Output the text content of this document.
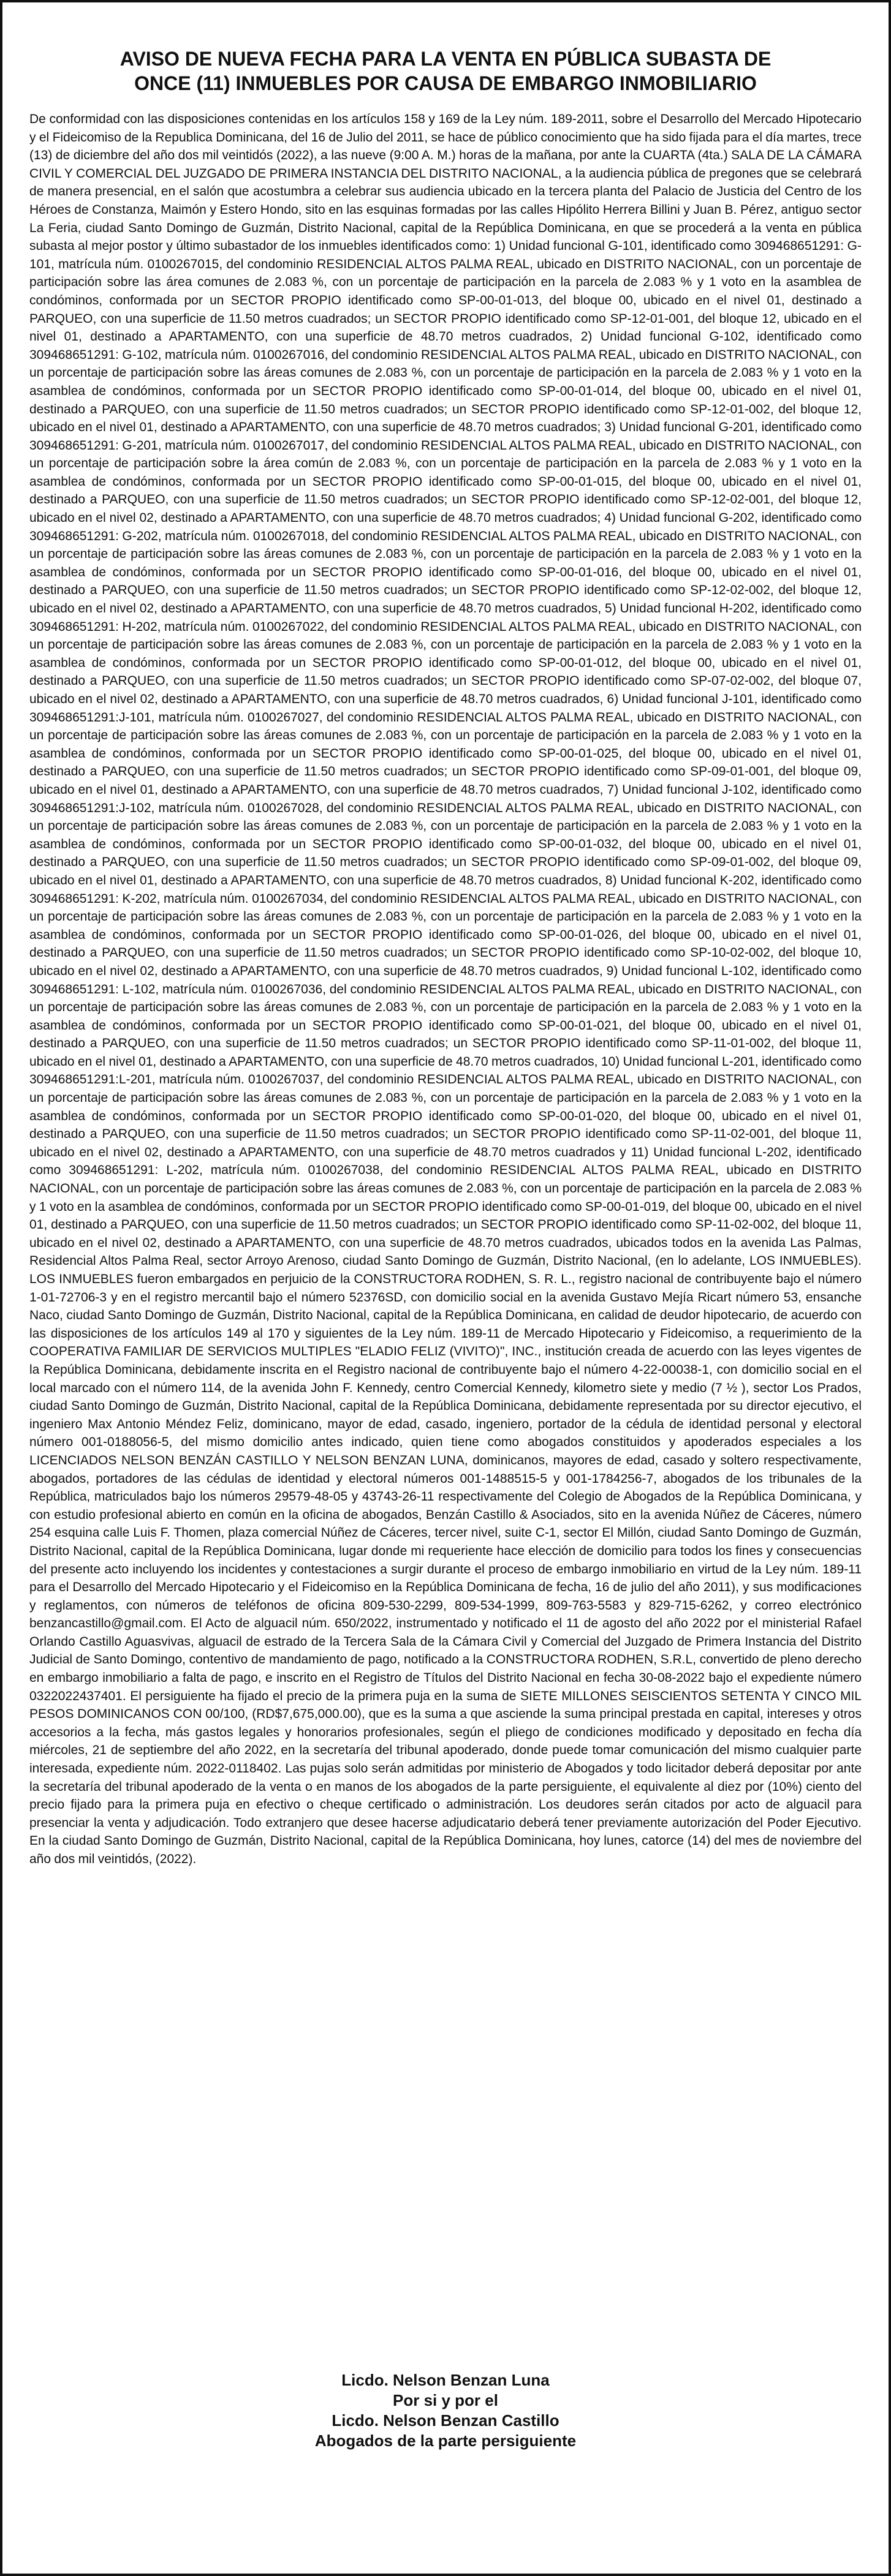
AVISO DE NUEVA FECHA PARA LA VENTA EN PÚBLICA SUBASTA DE
ONCE (11) INMUEBLES POR CAUSA DE EMBARGO INMOBILIARIO
De conformidad con las disposiciones contenidas en los artículos 158 y 169 de la Ley núm. 189-2011, sobre el Desarrollo del Mercado Hipotecario y el Fideicomiso de la Republica Dominicana, del 16 de Julio del 2011, se hace de público conocimiento que ha sido fijada para el día martes, trece (13) de diciembre del año dos mil veintidós (2022), a las nueve (9:00 A. M.) horas de la mañana, por ante la CUARTA (4ta.) SALA DE LA CÁMARA CIVIL Y COMERCIAL DEL JUZGADO DE PRIMERA INSTANCIA DEL DISTRITO NACIONAL, a la audiencia pública de pregones que se celebrará de manera presencial, en el salón que acostumbra a celebrar sus audiencia ubicado en la tercera planta del Palacio de Justicia del Centro de los Héroes de Constanza, Maimón y Estero Hondo, sito en las esquinas formadas por las calles Hipólito Herrera Billini y Juan B. Pérez, antiguo sector La Feria, ciudad Santo Domingo de Guzmán, Distrito Nacional, capital de la República Dominicana, en que se procederá a la venta en pública subasta al mejor postor y último subastador de los inmuebles identificados como: 1) Unidad funcional G-101, identificado como 309468651291: G-101, matrícula núm. 0100267015, del condominio RESIDENCIAL ALTOS PALMA REAL, ubicado en DISTRITO NACIONAL, con un porcentaje de participación sobre las área comunes de 2.083 %, con un porcentaje de participación en la parcela de 2.083 % y 1 voto en la asamblea de condóminos, conformada por un SECTOR PROPIO identificado como SP-00-01-013, del bloque 00, ubicado en el nivel 01, destinado a PARQUEO, con una superficie de 11.50 metros cuadrados; un SECTOR PROPIO identificado como SP-12-01-001, del bloque 12, ubicado en el nivel 01, destinado a APARTAMENTO, con una superficie de 48.70 metros cuadrados, 2) Unidad funcional G-102, identificado como 309468651291: G-102, matrícula núm. 0100267016, del condominio RESIDENCIAL ALTOS PALMA REAL, ubicado en DISTRITO NACIONAL, con un porcentaje de participación sobre las áreas comunes de 2.083 %, con un porcentaje de participación en la parcela de 2.083 % y 1 voto en la asamblea de condóminos, conformada por un SECTOR PROPIO identificado como SP-00-01-014, del bloque 00, ubicado en el nivel 01, destinado a PARQUEO, con una superficie de 11.50 metros cuadrados; un SECTOR PROPIO identificado como SP-12-01-002, del bloque 12, ubicado en el nivel 01, destinado a APARTAMENTO, con una superficie de 48.70 metros cuadrados; 3) Unidad funcional G-201, identificado como 309468651291: G-201, matrícula núm. 0100267017, del condominio RESIDENCIAL ALTOS PALMA REAL, ubicado en DISTRITO NACIONAL, con un porcentaje de participación sobre la área común de 2.083 %, con un porcentaje de participación en la parcela de 2.083 % y 1 voto en la asamblea de condóminos, conformada por un SECTOR PROPIO identificado como SP-00-01-015, del bloque 00, ubicado en el nivel 01, destinado a PARQUEO, con una superficie de 11.50 metros cuadrados; un SECTOR PROPIO identificado como SP-12-02-001, del bloque 12, ubicado en el nivel 02, destinado a APARTAMENTO, con una superficie de 48.70 metros cuadrados; 4) Unidad funcional G-202, identificado como 309468651291: G-202, matrícula núm. 0100267018, del condominio RESIDENCIAL ALTOS PALMA REAL, ubicado en DISTRITO NACIONAL, con un porcentaje de participación sobre las áreas comunes de 2.083 %, con un porcentaje de participación en la parcela de 2.083 % y 1 voto en la asamblea de condóminos, conformada por un SECTOR PROPIO identificado como SP-00-01-016, del bloque 00, ubicado en el nivel 01, destinado a PARQUEO, con una superficie de 11.50 metros cuadrados; un SECTOR PROPIO identificado como SP-12-02-002, del bloque 12, ubicado en el nivel 02, destinado a APARTAMENTO, con una superficie de 48.70 metros cuadrados, 5) Unidad funcional H-202, identificado como 309468651291: H-202, matrícula núm. 0100267022, del condominio RESIDENCIAL ALTOS PALMA REAL, ubicado en DISTRITO NACIONAL, con un porcentaje de participación sobre las áreas comunes de 2.083 %, con un porcentaje de participación en la parcela de 2.083 % y 1 voto en la asamblea de condóminos, conformada por un SECTOR PROPIO identificado como SP-00-01-012, del bloque 00, ubicado en el nivel 01, destinado a PARQUEO, con una superficie de 11.50 metros cuadrados; un SECTOR PROPIO identificado como SP-07-02-002, del bloque 07, ubicado en el nivel 02, destinado a APARTAMENTO, con una superficie de 48.70 metros cuadrados, 6) Unidad funcional J-101, identificado como 309468651291:J-101, matrícula núm. 0100267027, del condominio RESIDENCIAL ALTOS PALMA REAL, ubicado en DISTRITO NACIONAL, con un porcentaje de participación sobre las áreas comunes de 2.083 %, con un porcentaje de participación en la parcela de 2.083 % y 1 voto en la asamblea de condóminos, conformada por un SECTOR PROPIO identificado como SP-00-01-025, del bloque 00, ubicado en el nivel 01, destinado a PARQUEO, con una superficie de 11.50 metros cuadrados; un SECTOR PROPIO identificado como SP-09-01-001, del bloque 09, ubicado en el nivel 01, destinado a APARTAMENTO, con una superficie de 48.70 metros cuadrados, 7) Unidad funcional J-102, identificado como 309468651291:J-102, matrícula núm. 0100267028, del condominio RESIDENCIAL ALTOS PALMA REAL, ubicado en DISTRITO NACIONAL, con un porcentaje de participación sobre las áreas comunes de 2.083 %, con un porcentaje de participación en la parcela de 2.083 % y 1 voto en la asamblea de condóminos, conformada por un SECTOR PROPIO identificado como SP-00-01-032, del bloque 00, ubicado en el nivel 01, destinado a PARQUEO, con una superficie de 11.50 metros cuadrados; un SECTOR PROPIO identificado como SP-09-01-002, del bloque 09, ubicado en el nivel 01, destinado a APARTAMENTO, con una superficie de 48.70 metros cuadrados, 8) Unidad funcional K-202, identificado como 309468651291: K-202, matrícula núm. 0100267034, del condominio RESIDENCIAL ALTOS PALMA REAL, ubicado en DISTRITO NACIONAL, con un porcentaje de participación sobre las áreas comunes de 2.083 %, con un porcentaje de participación en la parcela de 2.083 % y 1 voto en la asamblea de condóminos, conformada por un SECTOR PROPIO identificado como SP-00-01-026, del bloque 00, ubicado en el nivel 01, destinado a PARQUEO, con una superficie de 11.50 metros cuadrados; un SECTOR PROPIO identificado como SP-10-02-002, del bloque 10, ubicado en el nivel 02, destinado a APARTAMENTO, con una superficie de 48.70 metros cuadrados, 9) Unidad funcional L-102, identificado como 309468651291: L-102, matrícula núm. 0100267036, del condominio RESIDENCIAL ALTOS PALMA REAL, ubicado en DISTRITO NACIONAL, con un porcentaje de participación sobre las áreas comunes de 2.083 %, con un porcentaje de participación en la parcela de 2.083 % y 1 voto en la asamblea de condóminos, conformada por un SECTOR PROPIO identificado como SP-00-01-021, del bloque 00, ubicado en el nivel 01, destinado a PARQUEO, con una superficie de 11.50 metros cuadrados; un SECTOR PROPIO identificado como SP-11-01-002, del bloque 11, ubicado en el nivel 01, destinado a APARTAMENTO, con una superficie de 48.70 metros cuadrados, 10) Unidad funcional L-201, identificado como 309468651291:L-201, matrícula núm. 0100267037, del condominio RESIDENCIAL ALTOS PALMA REAL, ubicado en DISTRITO NACIONAL, con un porcentaje de participación sobre las áreas comunes de 2.083 %, con un porcentaje de participación en la parcela de 2.083 % y 1 voto en la asamblea de condóminos, conformada por un SECTOR PROPIO identificado como SP-00-01-020, del bloque 00, ubicado en el nivel 01, destinado a PARQUEO, con una superficie de 11.50 metros cuadrados; un SECTOR PROPIO identificado como SP-11-02-001, del bloque 11, ubicado en el nivel 02, destinado a APARTAMENTO, con una superficie de 48.70 metros cuadrados y 11) Unidad funcional L-202, identificado como 309468651291: L-202, matrícula núm. 0100267038, del condominio RESIDENCIAL ALTOS PALMA REAL, ubicado en DISTRITO NACIONAL, con un porcentaje de participación sobre las áreas comunes de 2.083 %, con un porcentaje de participación en la parcela de 2.083 % y 1 voto en la asamblea de condóminos, conformada por un SECTOR PROPIO identificado como SP-00-01-019, del bloque 00, ubicado en el nivel 01, destinado a PARQUEO, con una superficie de 11.50 metros cuadrados; un SECTOR PROPIO identificado como SP-11-02-002, del bloque 11, ubicado en el nivel 02, destinado a APARTAMENTO, con una superficie de 48.70 metros cuadrados, ubicados todos en la avenida Las Palmas, Residencial Altos Palma Real, sector Arroyo Arenoso, ciudad Santo Domingo de Guzmán, Distrito Nacional, (en lo adelante, LOS INMUEBLES). LOS INMUEBLES fueron embargados en perjuicio de la CONSTRUCTORA RODHEN, S. R. L., registro nacional de contribuyente bajo el número 1-01-72706-3 y en el registro mercantil bajo el número 52376SD, con domicilio social en la avenida Gustavo Mejía Ricart número 53, ensanche Naco, ciudad Santo Domingo de Guzmán, Distrito Nacional, capital de la República Dominicana, en calidad de deudor hipotecario, de acuerdo con las disposiciones de los artículos 149 al 170 y siguientes de la Ley núm. 189-11 de Mercado Hipotecario y Fideicomiso, a requerimiento de la COOPERATIVA FAMILIAR DE SERVICIOS MULTIPLES "ELADIO FELIZ (VIVITO)", INC., institución creada de acuerdo con las leyes vigentes de la República Dominicana, debidamente inscrita en el Registro nacional de contribuyente bajo el número 4-22-00038-1, con domicilio social en el local marcado con el número 114, de la avenida John F. Kennedy, centro Comercial Kennedy, kilometro siete y medio (7 ½ ), sector Los Prados, ciudad Santo Domingo de Guzmán, Distrito Nacional, capital de la República Dominicana, debidamente representada por su director ejecutivo, el ingeniero Max Antonio Méndez Feliz, dominicano, mayor de edad, casado, ingeniero, portador de la cédula de identidad personal y electoral número 001-0188056-5, del mismo domicilio antes indicado, quien tiene como abogados constituidos y apoderados especiales a los LICENCIADOS NELSON BENZÁN CASTILLO Y NELSON BENZAN LUNA, dominicanos, mayores de edad, casado y soltero respectivamente, abogados, portadores de las cédulas de identidad y electoral números 001-1488515-5 y 001-1784256-7, abogados de los tribunales de la República, matriculados bajo los números 29579-48-05 y 43743-26-11 respectivamente del Colegio de Abogados de la República Dominicana, y con estudio profesional abierto en común en la oficina de abogados, Benzán Castillo & Asociados, sito en la avenida Núñez de Cáceres, número 254 esquina calle Luis F. Thomen, plaza comercial Núñez de Cáceres, tercer nivel, suite C-1, sector El Millón, ciudad Santo Domingo de Guzmán, Distrito Nacional, capital de la República Dominicana, lugar donde mi requeriente hace elección de domicilio para todos los fines y consecuencias del presente acto incluyendo los incidentes y contestaciones a surgir durante el proceso de embargo inmobiliario en virtud de la Ley núm. 189-11 para el Desarrollo del Mercado Hipotecario y el Fideicomiso en la República Dominicana de fecha, 16 de julio del año 2011), y sus modificaciones y reglamentos, con números de teléfonos de oficina 809-530-2299, 809-534-1999, 809-763-5583 y 829-715-6262, y correo electrónico benzancastillo@gmail.com. El Acto de alguacil núm. 650/2022, instrumentado y notificado el 11 de agosto del año 2022 por el ministerial Rafael Orlando Castillo Aguasvivas, alguacil de estrado de la Tercera Sala de la Cámara Civil y Comercial del Juzgado de Primera Instancia del Distrito Judicial de Santo Domingo, contentivo de mandamiento de pago, notificado a la CONSTRUCTORA RODHEN, S.R.L, convertido de pleno derecho en embargo inmobiliario a falta de pago, e inscrito en el Registro de Títulos del Distrito Nacional en fecha 30-08-2022 bajo el expediente número 0322022437401. El persiguiente ha fijado el precio de la primera puja en la suma de SIETE MILLONES SEISCIENTOS SETENTA Y CINCO MIL PESOS DOMINICANOS CON 00/100, (RD$7,675,000.00), que es la suma a que asciende la suma principal prestada en capital, intereses y otros accesorios a la fecha, más gastos legales y honorarios profesionales, según el pliego de condiciones modificado y depositado en fecha día miércoles, 21 de septiembre del año 2022, en la secretaría del tribunal apoderado, donde puede tomar comunicación del mismo cualquier parte interesada, expediente núm. 2022-0118402. Las pujas solo serán admitidas por ministerio de Abogados y todo licitador deberá depositar por ante la secretaría del tribunal apoderado de la venta o en manos de los abogados de la parte persiguiente, el equivalente al diez por (10%) ciento del precio fijado para la primera puja en efectivo o cheque certificado o administración. Los deudores serán citados por acto de alguacil para presenciar la venta y adjudicación. Todo extranjero que desee hacerse adjudicatario deberá tener previamente autorización del Poder Ejecutivo. En la ciudad Santo Domingo de Guzmán, Distrito Nacional, capital de la República Dominicana, hoy lunes, catorce (14) del mes de noviembre del año dos mil veintidós, (2022).
Licdo. Nelson Benzan Luna
Por si y por el
Licdo. Nelson Benzan Castillo
Abogados de la parte persiguiente
